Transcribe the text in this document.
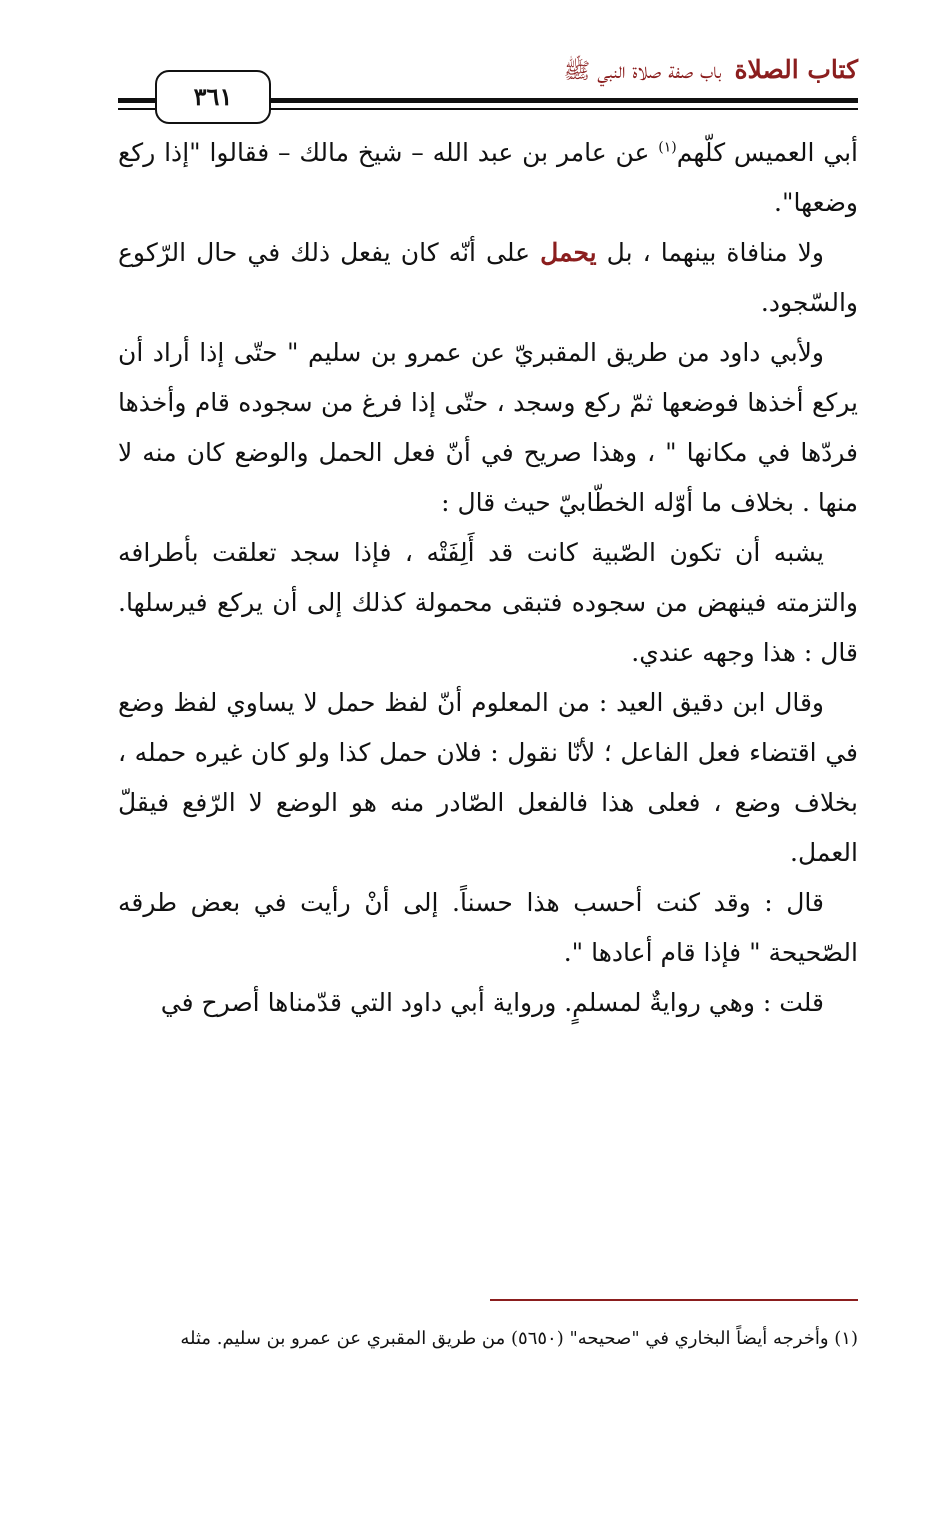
كتاب الصلاة باب صفة صلاة النبي ﷺ
٣٦١

أبي العميس كلّهم$^{(١)}$ عن عامر بن عبد الله – شيخ مالك – فقالوا "إذا ركع وضعها".

ولا منافاة بينهما ، بل يحمل على أنّه كان يفعل ذلك في حال الرّكوع والسّجود.

ولأبي داود من طريق المقبريّ عن عمرو بن سليم " حتّى إذا أراد أن يركع أخذها فوضعها ثمّ ركع وسجد ، حتّى إذا فرغ من سجوده قام وأخذها فردّها في مكانها " ، وهذا صريح في أنّ فعل الحمل والوضع كان منه لا منها . بخلاف ما أوّله الخطّابيّ حيث قال :

يشبه أن تكون الصّبية كانت قد أَلِفَتْه ، فإذا سجد تعلقت بأطرافه والتزمته فينهض من سجوده فتبقى محمولة كذلك إلى أن يركع فيرسلها. قال : هذا وجهه عندي.

وقال ابن دقيق العيد : من المعلوم أنّ لفظ حمل لا يساوي لفظ وضع في اقتضاء فعل الفاعل ؛ لأنّا نقول : فلان حمل كذا ولو كان غيره حمله ، بخلاف وضع ، فعلى هذا فالفعل الصّادر منه هو الوضع لا الرّفع فيقلّ العمل.

قال : وقد كنت أحسب هذا حسناً. إلى أنْ رأيت في بعض طرقه الصّحيحة " فإذا قام أعادها ".

قلت : وهي روايةٌ لمسلمٍ. ورواية أبي داود التي قدّمناها أصرح في

(١) وأخرجه أيضاً البخاري في "صحيحه" (٥٦٥٠) من طريق المقبري عن عمرو بن سليم. مثله
